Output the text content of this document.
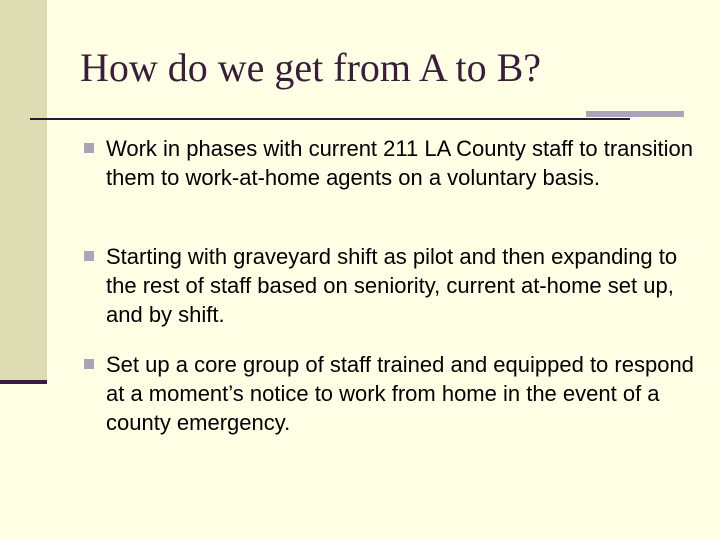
How do we get from A to B?
Work in phases with current 211 LA County staff to transition them to work-at-home agents on a voluntary basis.
Starting with graveyard shift as pilot and then expanding to the rest of staff based on seniority, current at-home set up, and by shift.
Set up a core group of staff trained and equipped to respond at a moment’s notice to work from home in the event of a county emergency.
